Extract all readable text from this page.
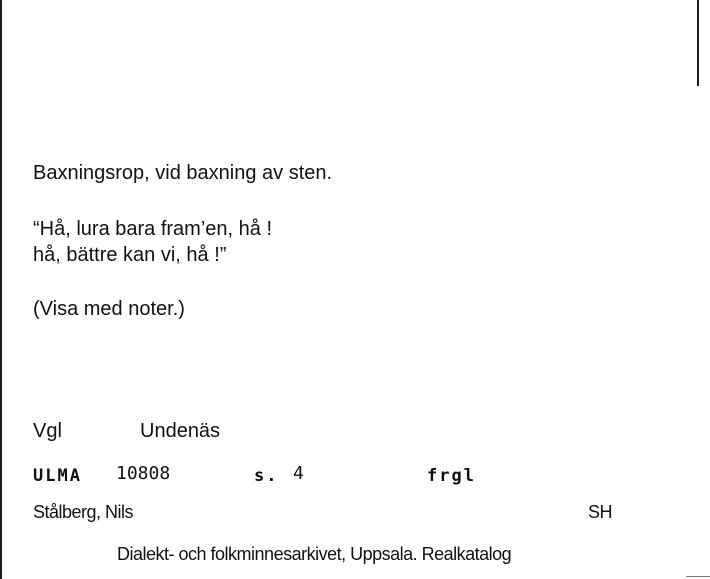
Baxningsrop, vid baxning av sten.

“Hå, lura bara fram’en, hå !

hå, bättre kan vi, hå !”

(Visa med noter.)

Vgl	Undenäs

ULMA 10808	s. 4	frgl

Stålberg, Nils	SH

Dialekt- och folkminnesarkivet, Uppsala. Realkatalog
